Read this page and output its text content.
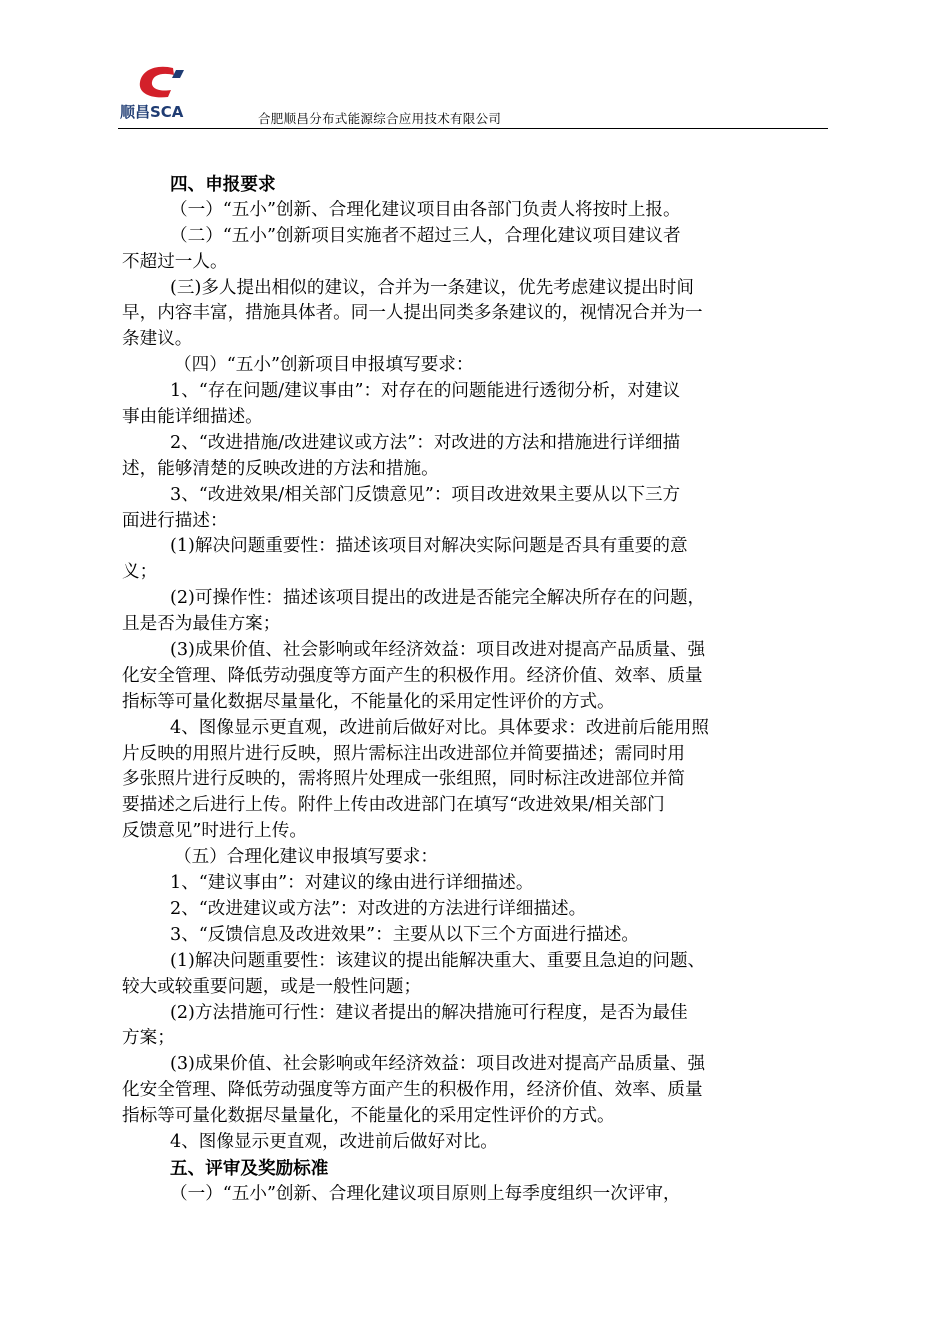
顺昌SCA	合肥顺昌分布式能源综合应用技术有限公司
四、申报要求
（一）“五小”创新、合理化建议项目由各部门负责人将按时上报。
（二）“五小”创新项目实施者不超过三人，合理化建议项目建议者
不超过一人。
(三)多人提出相似的建议，合并为一条建议，优先考虑建议提出时间
早，内容丰富，措施具体者。同一人提出同类多条建议的，视情况合并为一
条建议。
（四）“五小”创新项目申报填写要求：
1、“存在问题/建议事由”：对存在的问题能进行透彻分析，对建议
事由能详细描述。
2、“改进措施/改进建议或方法”：对改进的方法和措施进行详细描
述，能够清楚的反映改进的方法和措施。
3、“改进效果/相关部门反馈意见”：项目改进效果主要从以下三方
面进行描述：
(1)解决问题重要性：描述该项目对解决实际问题是否具有重要的意
义；
(2)可操作性：描述该项目提出的改进是否能完全解决所存在的问题，
且是否为最佳方案；
(3)成果价值、社会影响或年经济效益：项目改进对提高产品质量、强
化安全管理、降低劳动强度等方面产生的积极作用。经济价值、效率、质量
指标等可量化数据尽量量化，不能量化的采用定性评价的方式。
4、图像显示更直观，改进前后做好对比。具体要求：改进前后能用照
片反映的用照片进行反映，照片需标注出改进部位并简要描述；需同时用
多张照片进行反映的，需将照片处理成一张组照，同时标注改进部位并简
要描述之后进行上传。附件上传由改进部门在填写“改进效果/相关部门
反馈意见”时进行上传。
（五）合理化建议申报填写要求：
1、“建议事由”：对建议的缘由进行详细描述。
2、“改进建议或方法”：对改进的方法进行详细描述。
3、“反馈信息及改进效果”：主要从以下三个方面进行描述。
(1)解决问题重要性：该建议的提出能解决重大、重要且急迫的问题、
较大或较重要问题，或是一般性问题；
(2)方法措施可行性：建议者提出的解决措施可行程度，是否为最佳
方案；
(3)成果价值、社会影响或年经济效益：项目改进对提高产品质量、强
化安全管理、降低劳动强度等方面产生的积极作用，经济价值、效率、质量
指标等可量化数据尽量量化，不能量化的采用定性评价的方式。
4、图像显示更直观，改进前后做好对比。
五、评审及奖励标准
（一）“五小”创新、合理化建议项目原则上每季度组织一次评审，
